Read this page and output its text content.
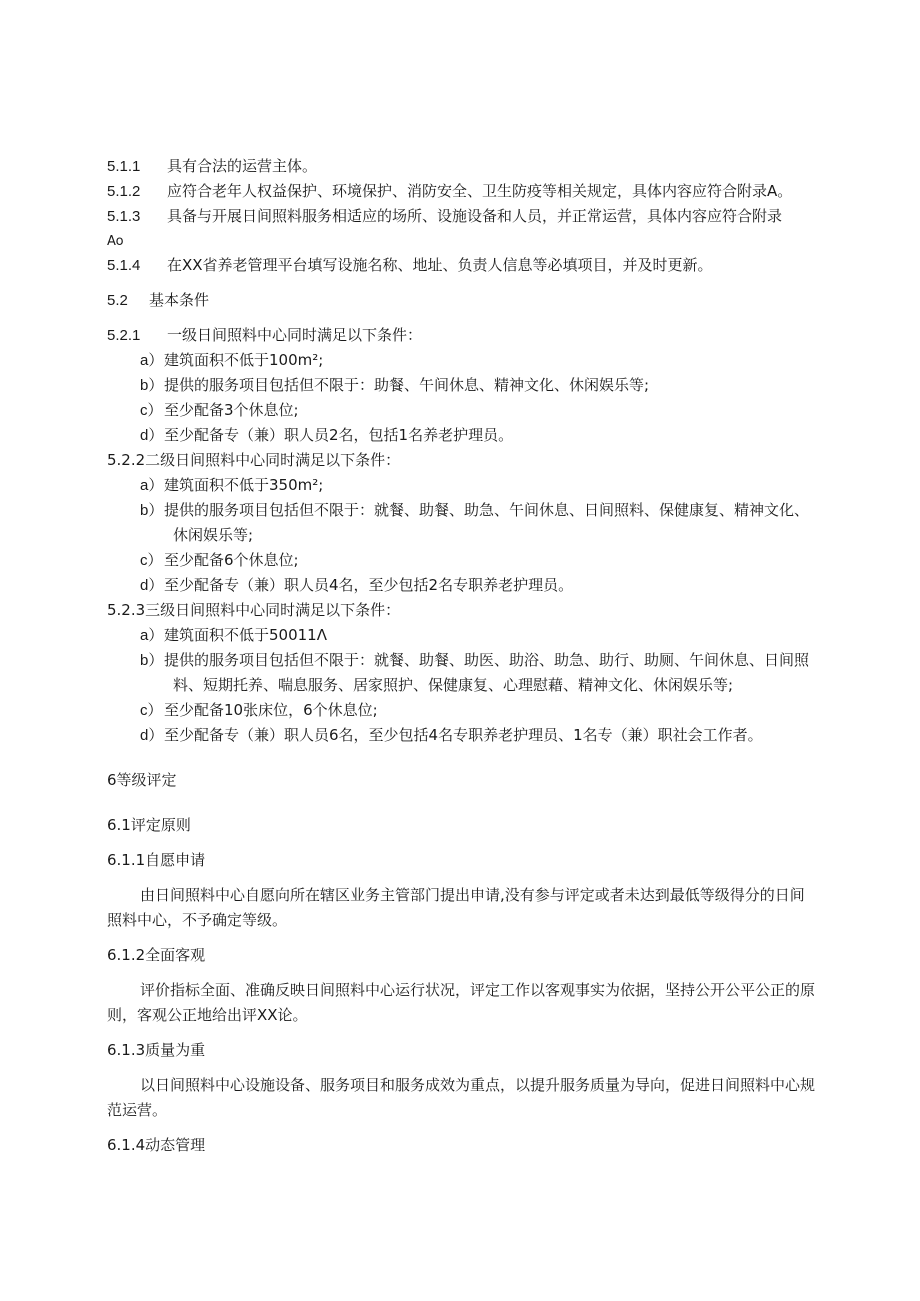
5.1.1 具有合法的运营主体。
5.1.2 应符合老年人权益保护、环境保护、消防安全、卫生防疫等相关规定，具体内容应符合附录A。
5.1.3 具备与开展日间照料服务相适应的场所、设施设备和人员，并正常运营，具体内容应符合附录
Ao
5.1.4 在XX省养老管理平台填写设施名称、地址、负责人信息等必填项目，并及时更新。
5.2 基本条件
5.2.1 一级日间照料中心同时满足以下条件：
a）建筑面积不低于100m²;
b）提供的服务项目包括但不限于：助餐、午间休息、精神文化、休闲娱乐等;
c）至少配备3个休息位;
d）至少配备专（兼）职人员2名，包括1名养老护理员。
5.2.2二级日间照料中心同时满足以下条件：
a）建筑面积不低于350m²;
b）提供的服务项目包括但不限于：就餐、助餐、助急、午间休息、日间照料、保健康复、精神文化、
休闲娱乐等;
c）至少配备6个休息位;
d）至少配备专（兼）职人员4名，至少包括2名专职养老护理员。
5.2.3三级日间照料中心同时满足以下条件：
a）建筑面积不低于50011Λ
b）提供的服务项目包括但不限于：就餐、助餐、助医、助浴、助急、助行、助厕、午间休息、日间照
料、短期托养、喘息服务、居家照护、保健康复、心理慰藉、精神文化、休闲娱乐等;
c）至少配备10张床位，6个休息位;
d）至少配备专（兼）职人员6名，至少包括4名专职养老护理员、1名专（兼）职社会工作者。
6等级评定
6.1评定原则
6.1.1自愿申请
由日间照料中心自愿向所在辖区业务主管部门提出申请,没有参与评定或者未达到最低等级得分的日间
照料中心，不予确定等级。
6.1.2全面客观
评价指标全面、准确反映日间照料中心运行状况，评定工作以客观事实为依据，坚持公开公平公正的原
则，客观公正地给出评XX论。
6.1.3质量为重
以日间照料中心设施设备、服务项目和服务成效为重点，以提升服务质量为导向，促进日间照料中心规
范运营。
6.1.4动态管理
